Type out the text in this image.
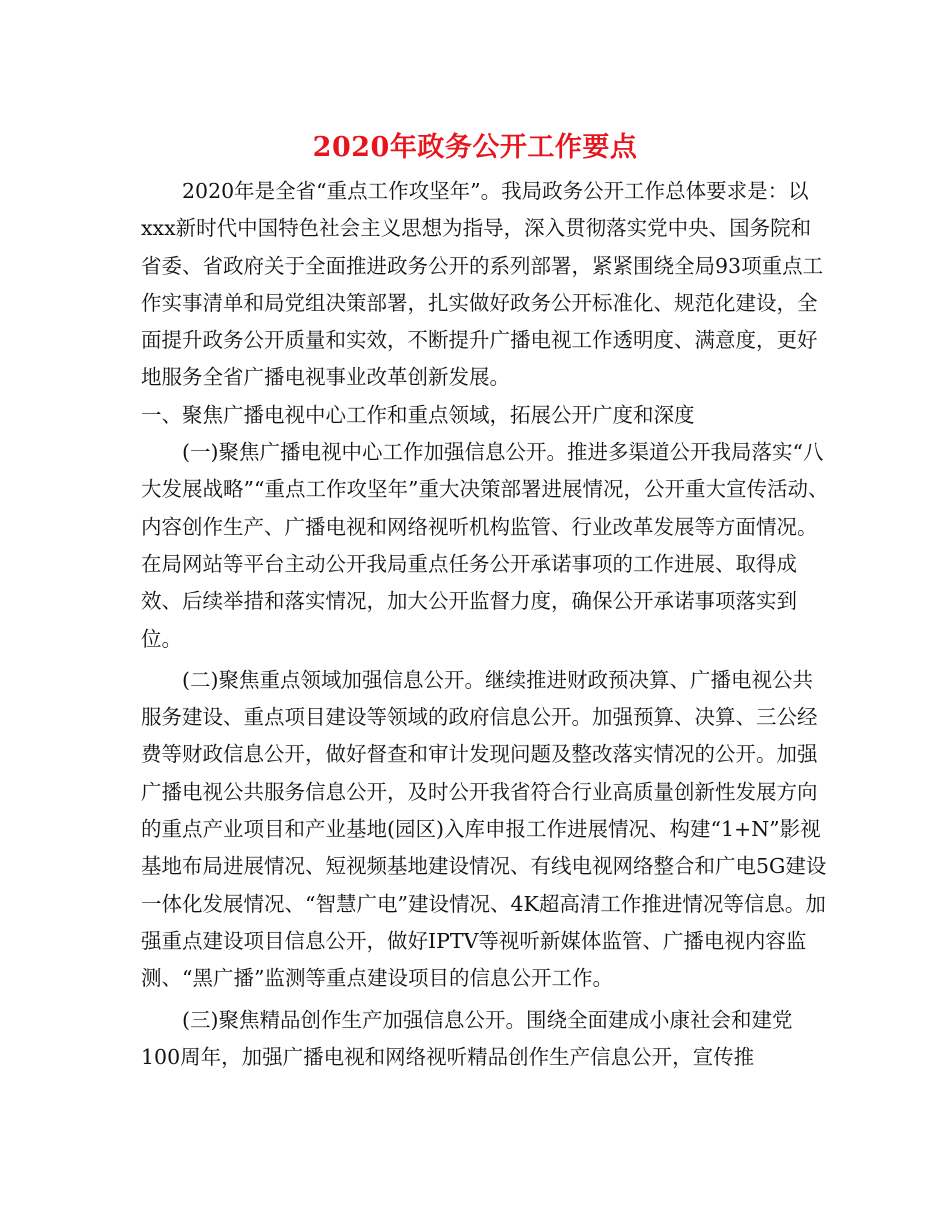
2020年政务公开工作要点

2020年是全省“重点工作攻坚年”。我局政务公开工作总体要求是：以xxx新时代中国特色社会主义思想为指导，深入贯彻落实党中央、国务院和省委、省政府关于全面推进政务公开的系列部署，紧紧围绕全局93项重点工作实事清单和局党组决策部署，扎实做好政务公开标准化、规范化建设，全面提升政务公开质量和实效，不断提升广播电视工作透明度、满意度，更好地服务全省广播电视事业改革创新发展。

一、聚焦广播电视中心工作和重点领域，拓展公开广度和深度

(一)聚焦广播电视中心工作加强信息公开。推进多渠道公开我局落实“八大发展战略”“重点工作攻坚年”重大决策部署进展情况，公开重大宣传活动、内容创作生产、广播电视和网络视听机构监管、行业改革发展等方面情况。在局网站等平台主动公开我局重点任务公开承诺事项的工作进展、取得成效、后续举措和落实情况，加大公开监督力度，确保公开承诺事项落实到位。

(二)聚焦重点领域加强信息公开。继续推进财政预决算、广播电视公共服务建设、重点项目建设等领域的政府信息公开。加强预算、决算、三公经费等财政信息公开，做好督查和审计发现问题及整改落实情况的公开。加强广播电视公共服务信息公开，及时公开我省符合行业高质量创新性发展方向的重点产业项目和产业基地(园区)入库申报工作进展情况、构建“1+N”影视基地布局进展情况、短视频基地建设情况、有线电视网络整合和广电5G建设一体化发展情况、“智慧广电”建设情况、4K超高清工作推进情况等信息。加强重点建设项目信息公开，做好IPTV等视听新媒体监管、广播电视内容监测、“黑广播”监测等重点建设项目的信息公开工作。

(三)聚焦精品创作生产加强信息公开。围绕全面建成小康社会和建党100周年，加强广播电视和网络视听精品创作生产信息公开，宣传推
